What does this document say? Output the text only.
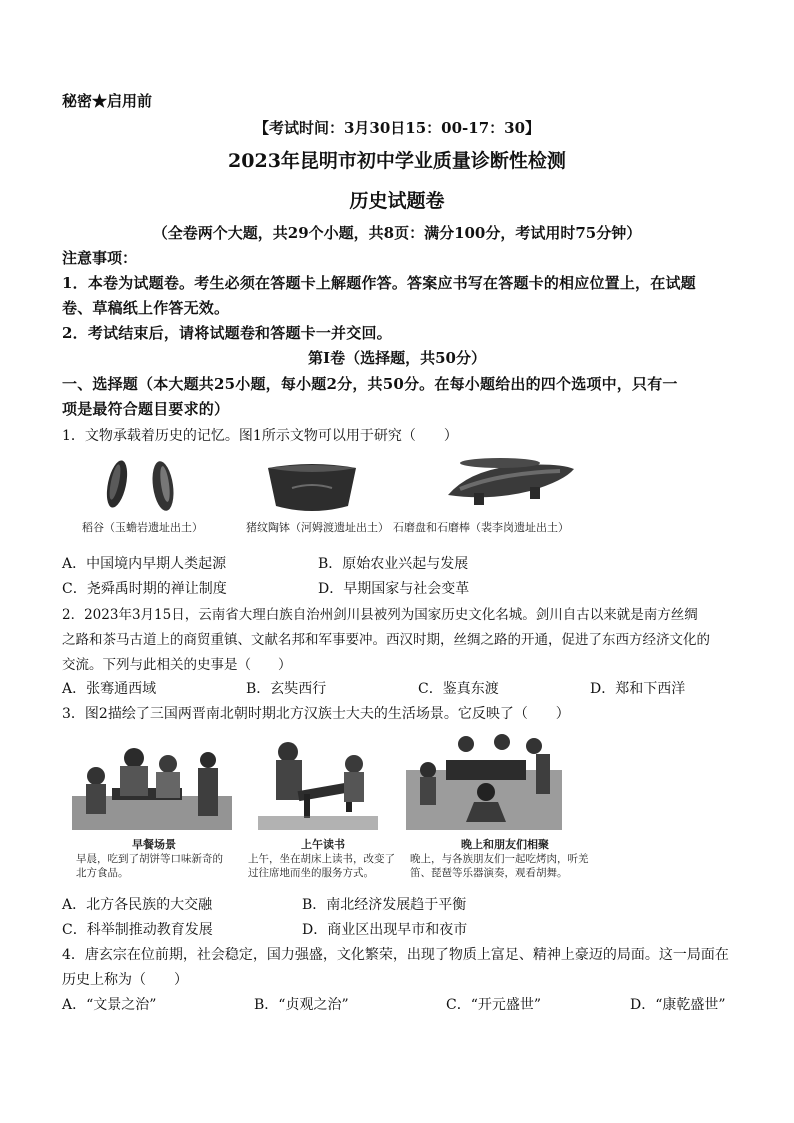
秘密★启用前
【考试时间：3月30日15：00-17：30】
2023年昆明市初中学业质量诊断性检测
历史试题卷
（全卷两个大题，共29个小题，共8页：满分100分，考试用时75分钟）
注意事项：
1．本卷为试题卷。考生必须在答题卡上解题作答。答案应书写在答题卡的相应位置上，在试题
卷、草稿纸上作答无效。
2．考试结束后，请将试题卷和答题卡一并交回。
第Ⅰ卷（选择题，共50分）
一、选择题（本大题共25小题，每小题2分，共50分。在每小题给出的四个选项中，只有一
项是最符合题目要求的）
1．文物承载着历史的记忆。图1所示文物可以用于研究（　　）
稻谷（玉蟾岩遗址出土）	猪纹陶钵（河姆渡遗址出土） 石磨盘和石磨棒（裴李岗遗址出土）
A．中国境内早期人类起源	B．原始农业兴起与发展
C．尧舜禹时期的禅让制度	D．早期国家与社会变革
2．2023年3月15日，云南省大理白族自治州剑川县被列为国家历史文化名城。剑川自古以来就是南方丝绸
之路和茶马古道上的商贸重镇、文献名邦和军事要冲。西汉时期，丝绸之路的开通，促进了东西方经济文化的
交流。下列与此相关的史事是（　　）
A．张骞通西域	B．玄奘西行	C．鉴真东渡	D．郑和下西洋
3．图2描绘了三国两晋南北朝时期北方汉族士大夫的生活场景。它反映了（　　）
早餐场景
早晨，吃到了胡饼等口味新奇的北方食品。
上午读书
上午，坐在胡床上读书，改变了过往席地而坐的服务方式。
晚上和朋友们相聚
晚上，与各族朋友们一起吃烤肉，听羌笛、琵琶等乐器演奏，观看胡舞。
A．北方各民族的大交融	B．南北经济发展趋于平衡
C．科举制推动教育发展	D．商业区出现早市和夜市
4．唐玄宗在位前期，社会稳定，国力强盛，文化繁荣，出现了物质上富足、精神上豪迈的局面。这一局面在
历史上称为（　　）
A．“文景之治”	B．“贞观之治”	C．“开元盛世”	D．“康乾盛世”
